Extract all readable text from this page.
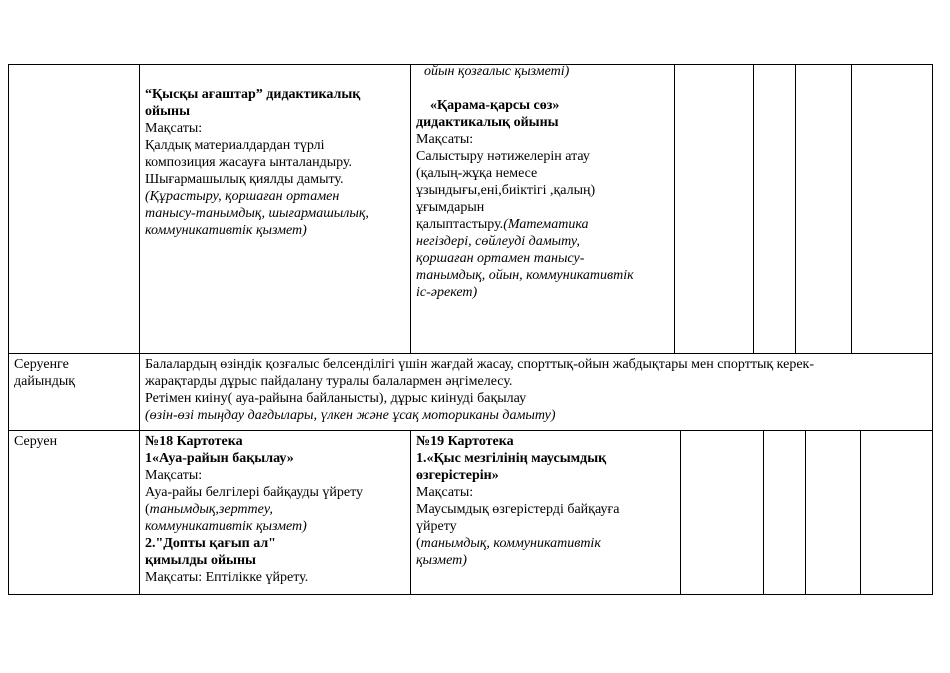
“Қысқы ағаштар” дидактикалық
ойыны

Мақсаты:

Қалдық материалдардан түрлі
композиция жасауға ынталандыру.
Шығармашылық қиялды дамыту.

(Құрастыру, қоршаған ортамен
танысу-танымдық, шығармашылық,
коммуникативтік қызмет)

ойын қозғалыс қызметі)

«Қарама-қарсы сөз»
дидактикалық ойыны

Мақсаты:

Салыстыру нәтижелерін атау
(қалың-жұқа немесе
ұзындығы,ені,биіктігі ,қалың)
ұғымдарын
қалыптастыру.

(Математика

негіздері, сөйлеуді дамыту,
қоршаған ортамен танысу-
танымдық, ойын, коммуникативтік
іс-әрекет)

Серуенге
дайындық

Балалардың өзіндік қозғалыс белсенділігі үшін жағдай жасау, спорттық-ойын жабдықтары мен спорттық керек-
жарақтарды дұрыс пайдалану туралы балалармен әңгімелесу.
Ретімен киіну( ауа-райына байланысты), дұрыс киінуді бақылау

(өзін-өзі тыңдау дағдылары, үлкен және ұсақ моториканы дамыту)

Серуен	№18 Картотека

1«Ауа-райын бақылау»

Мақсаты:

Ауа-райы белгілері байқауды үйрету

(танымдық,зерттеу,
коммуникативтік қызмет)

2."Допты қағып ал"
қимылды ойыны

Мақсаты: Ептілікке үйрету.

№19 Картотека

1.«Қыс мезгілінің маусымдық
өзгерістерін»

Мақсаты:

Маусымдық өзгерістерді байқауға
үйрету

(танымдық, коммуникативтік
қызмет)
